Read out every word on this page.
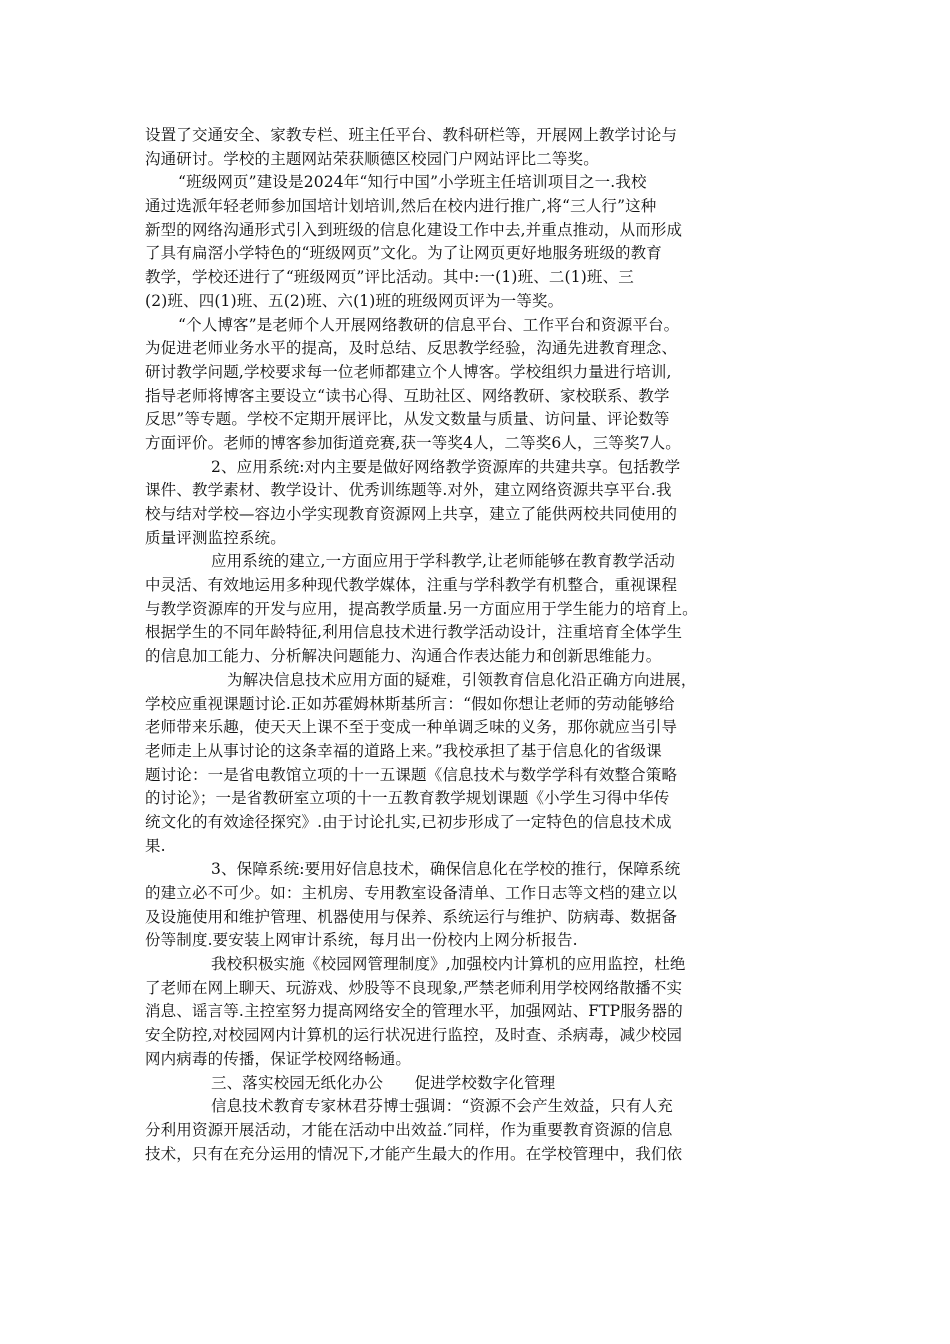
设置了交通安全、家教专栏、班主任平台、教科研栏等，开展网上教学讨论与
沟通研讨。学校的主题网站荣获顺德区校园门户网站评比二等奖。
“班级网页”建设是2024年“知行中国”小学班主任培训项目之一.我校
通过选派年轻老师参加国培计划培训,然后在校内进行推广,将“三人行”这种
新型的网络沟通形式引入到班级的信息化建设工作中去,并重点推动，从而形成
了具有扁滘小学特色的“班级网页”文化。为了让网页更好地服务班级的教育
教学，学校还进行了“班级网页”评比活动。其中:一(1)班、二(1)班、三
(2)班、四(1)班、五(2)班、六(1)班的班级网页评为一等奖。
“个人博客”是老师个人开展网络教研的信息平台、工作平台和资源平台。
为促进老师业务水平的提高，及时总结、反思教学经验，沟通先进教育理念、
研讨教学问题,学校要求每一位老师都建立个人博客。学校组织力量进行培训,
指导老师将博客主要设立“读书心得、互助社区、网络教研、家校联系、教学
反思”等专题。学校不定期开展评比，从发文数量与质量、访问量、评论数等
方面评价。老师的博客参加街道竞赛,获一等奖4人，二等奖6人，三等奖7人。
2、应用系统:对内主要是做好网络教学资源库的共建共享。包括教学
课件、教学素材、教学设计、优秀训练题等.对外，建立网络资源共享平台.我
校与结对学校—容边小学实现教育资源网上共享，建立了能供两校共同使用的
质量评测监控系统。
应用系统的建立,一方面应用于学科教学,让老师能够在教育教学活动
中灵活、有效地运用多种现代教学媒体，注重与学科教学有机整合，重视课程
与教学资源库的开发与应用，提高教学质量.另一方面应用于学生能力的培育上。
根据学生的不同年龄特征,利用信息技术进行教学活动设计，注重培育全体学生
的信息加工能力、分析解决问题能力、沟通合作表达能力和创新思维能力。
为解决信息技术应用方面的疑难，引领教育信息化沿正确方向进展，
学校应重视课题讨论.正如苏霍姆林斯基所言：“假如你想让老师的劳动能够给
老师带来乐趣，使天天上课不至于变成一种单调乏味的义务，那你就应当引导
老师走上从事讨论的这条幸福的道路上来。”我校承担了基于信息化的省级课
题讨论：一是省电教馆立项的十一五课题《信息技术与数学学科有效整合策略
的讨论》；一是省教研室立项的十一五教育教学规划课题《小学生习得中华传
统文化的有效途径探究》.由于讨论扎实,已初步形成了一定特色的信息技术成
果.
3、保障系统:要用好信息技术，确保信息化在学校的推行，保障系统
的建立必不可少。如：主机房、专用教室设备清单、工作日志等文档的建立以
及设施使用和维护管理、机器使用与保养、系统运行与维护、防病毒、数据备
份等制度.要安装上网审计系统，每月出一份校内上网分析报告.
我校积极实施《校园网管理制度》,加强校内计算机的应用监控，杜绝
了老师在网上聊天、玩游戏、炒股等不良现象,严禁老师利用学校网络散播不实
消息、谣言等.主控室努力提高网络安全的管理水平，加强网站、FTP服务器的
安全防控,对校园网内计算机的运行状况进行监控，及时查、杀病毒，减少校园
网内病毒的传播，保证学校网络畅通。
三、落实校园无纸化办公　　促进学校数字化管理
信息技术教育专家林君芬博士强调：“资源不会产生效益，只有人充
分利用资源开展活动，才能在活动中出效益.″同样，作为重要教育资源的信息
技术，只有在充分运用的情况下,才能产生最大的作用。在学校管理中，我们依
